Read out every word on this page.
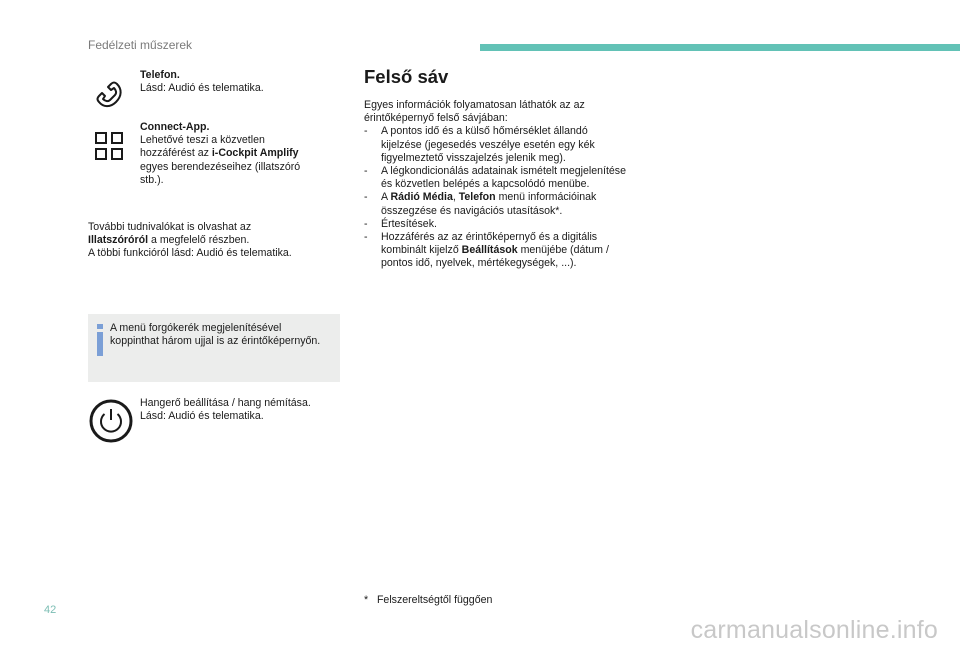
Fedélzeti műszerek
Telefon.
Lásd: Audió és telematika.
Connect-App.
Lehetővé teszi a közvetlen
hozzáférést az i-Cockpit Amplify
egyes berendezéseihez (illatszóró
stb.).
További tudnivalókat is olvashat az
Illatszóróról a megfelelő részben.
A többi funkcióról lásd: Audió és telematika.
A menü forgókerék megjelenítésével koppinthat három ujjal is az érintőképernyőn.
Hangerő beállítása / hang némítása.
Lásd: Audió és telematika.
Felső sáv
Egyes információk folyamatosan láthatók az az érintőképernyő felső sávjában:
- A pontos idő és a külső hőmérséklet állandó kijelzése (jegesedés veszélye esetén egy kék figyelmeztető visszajelzés jelenik meg).
- A légkondicionálás adatainak ismételt megjelenítése és közvetlen belépés a kapcsolódó menübe.
- A Rádió Média, Telefon menü információinak összegzése és navigációs utasítások*.
- Értesítések.
- Hozzáférés az az érintőképernyő és a digitális kombinált kijelző Beállítások menüjébe (dátum / pontos idő, nyelvek, mértékegységek, ...).
*   Felszereltségtől függően
42
carmanualsonline.info
